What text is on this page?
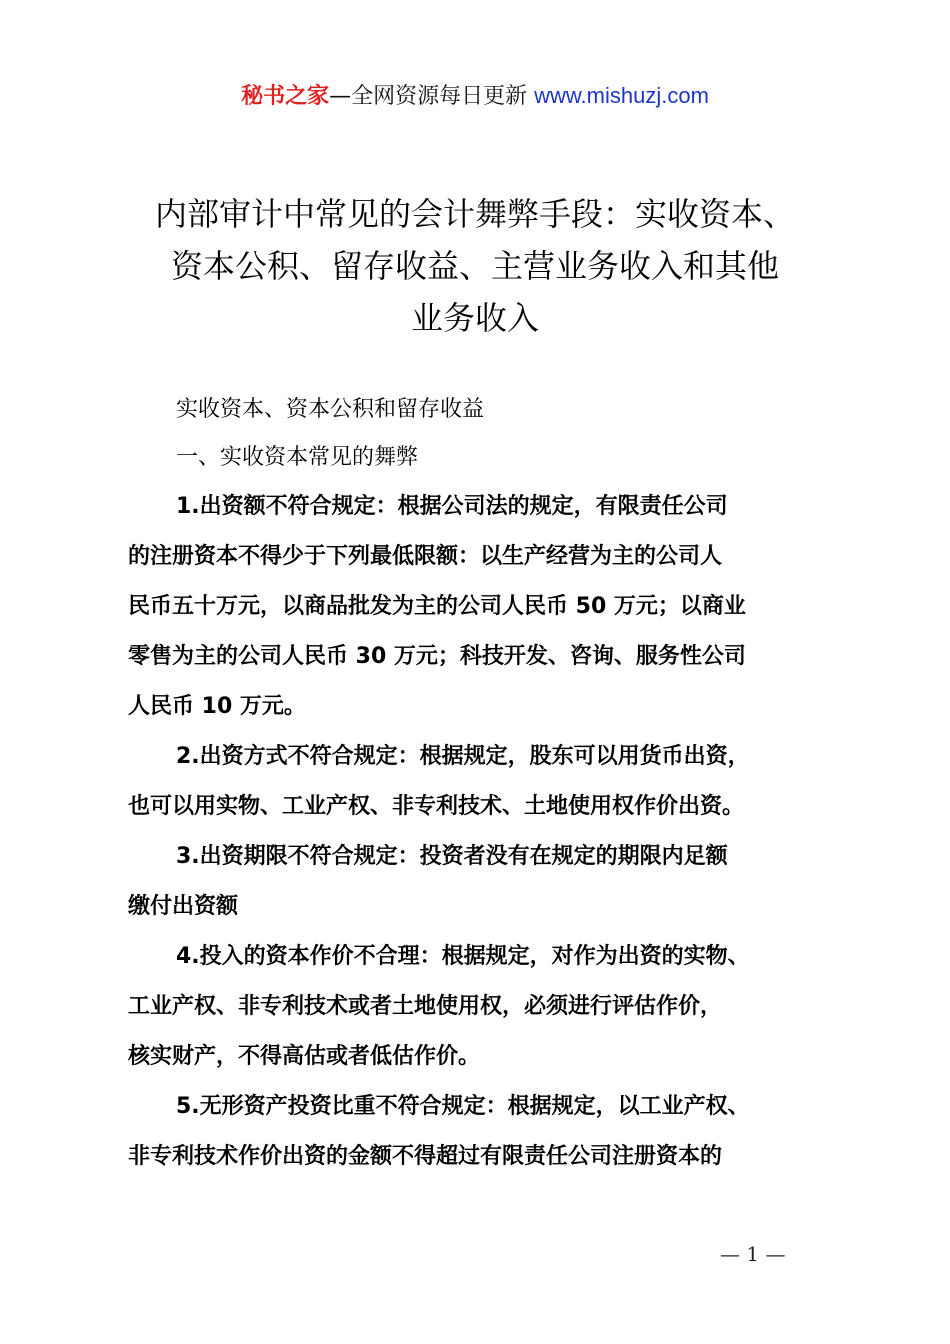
秘书之家—全网资源每日更新 www.mishuzj.com
内部审计中常见的会计舞弊手段：实收资本、
资本公积、留存收益、主营业务收入和其他
业务收入

实收资本、资本公积和留存收益

一、实收资本常见的舞弊

1.出资额不符合规定：根据公司法的规定，有限责任公司
的注册资本不得少于下列最低限额：以生产经营为主的公司人
民币五十万元，以商品批发为主的公司人民币 50 万元；以商业
零售为主的公司人民币 30 万元；科技开发、咨询、服务性公司
人民币 10 万元。

2.出资方式不符合规定：根据规定，股东可以用货币出资，
也可以用实物、工业产权、非专利技术、土地使用权作价出资。

3.出资期限不符合规定：投资者没有在规定的期限内足额
缴付出资额

4.投入的资本作价不合理：根据规定，对作为出资的实物、
工业产权、非专利技术或者土地使用权，必须进行评估作价，
核实财产，不得高估或者低估作价。

5.无形资产投资比重不符合规定：根据规定，以工业产权、
非专利技术作价出资的金额不得超过有限责任公司注册资本的

— 1 —
